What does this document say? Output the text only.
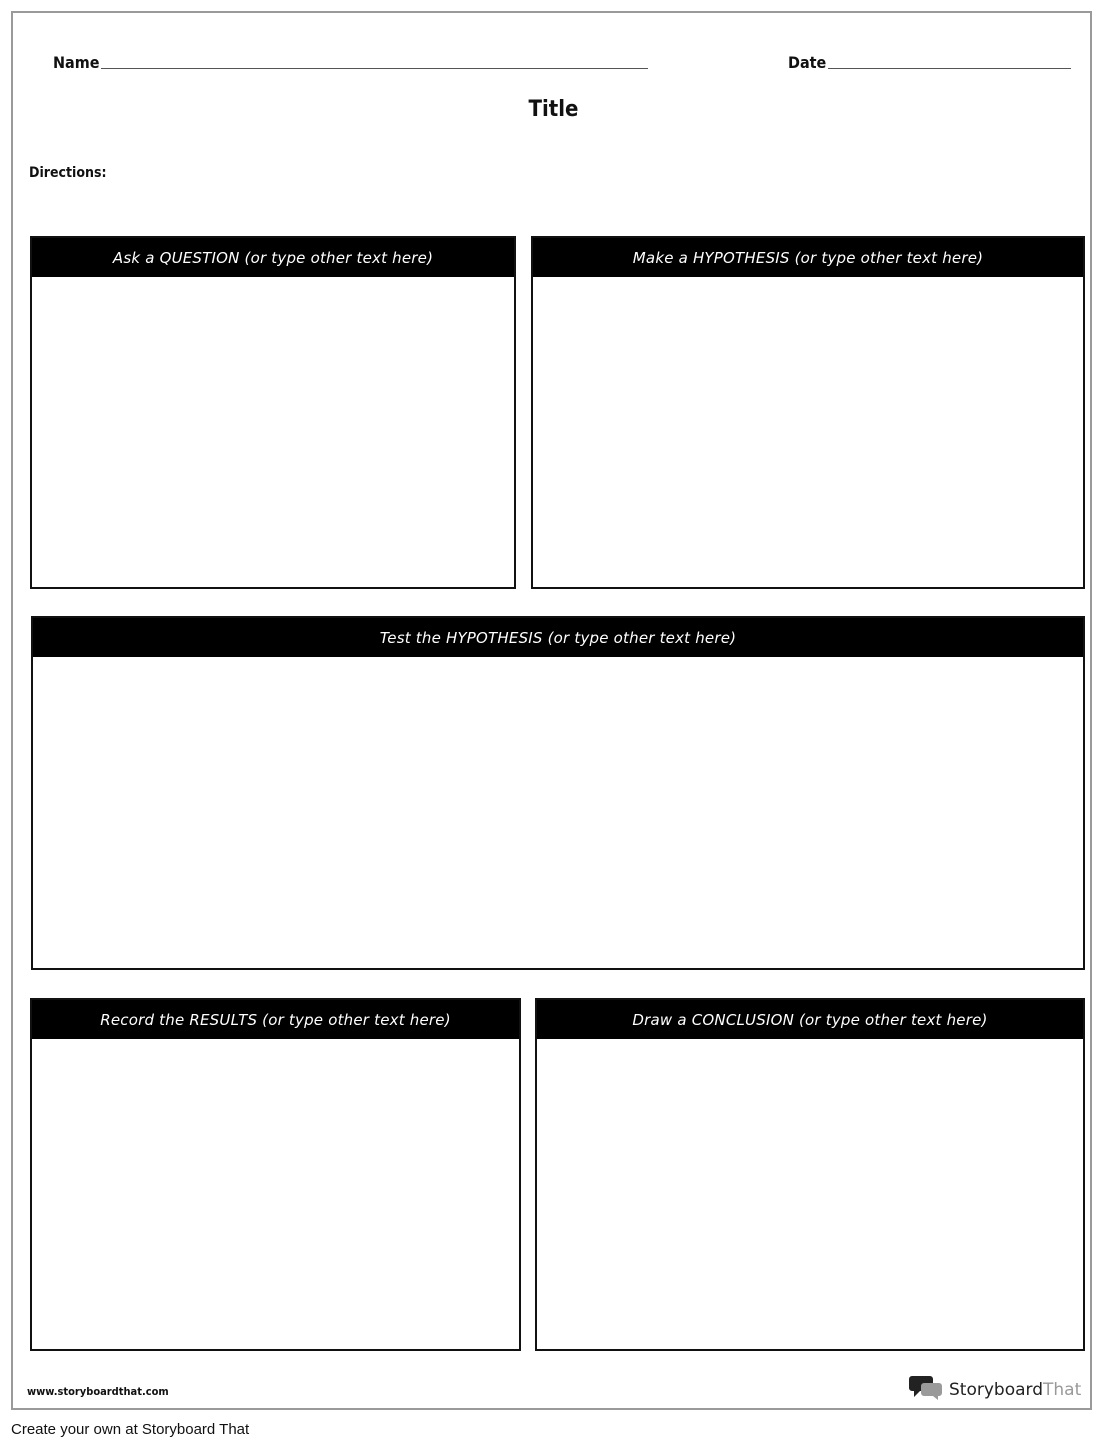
Name	Date
Title
Directions:
Ask a QUESTION (or type other text here)	Make a HYPOTHESIS (or type other text here)
Test the HYPOTHESIS (or type other text here)
Record the RESULTS (or type other text here)	Draw a CONCLUSION (or type other text here)
www.storyboardthat.com	StoryboardThat
Create your own at Storyboard That
